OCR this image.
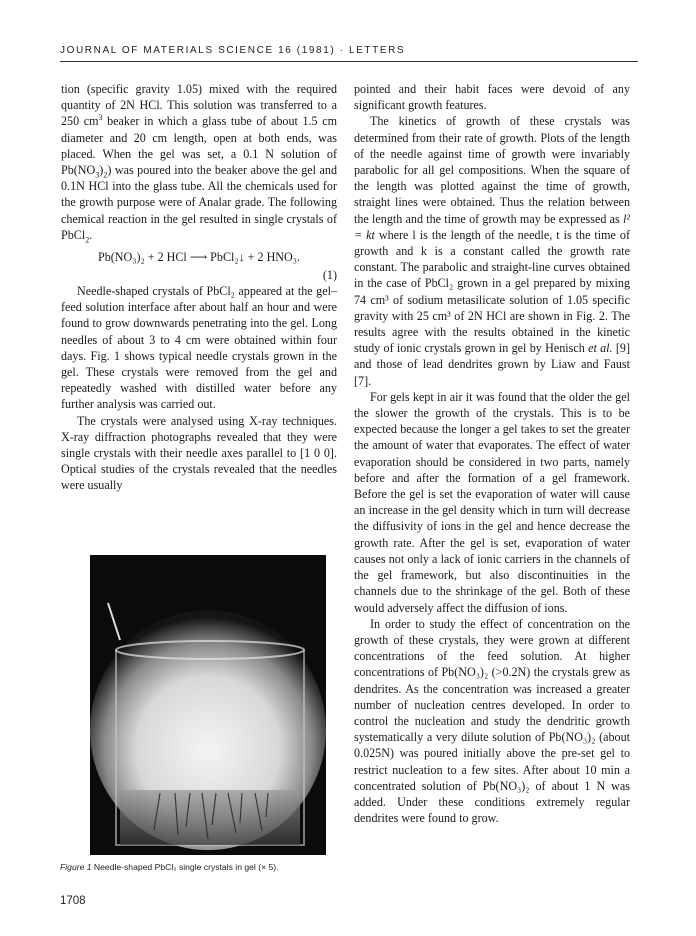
JOURNAL OF MATERIALS SCIENCE 16 (1981) · LETTERS

tion (specific gravity 1.05) mixed with the required quantity of 2N HCl. This solution was transferred to a 250 $cm^3$ beaker in which a glass tube of about 1.5 cm diameter and 20 cm length, open at both ends, was placed. When the gel was set, a 0.1 N solution of $Pb(NO_3)_2$) was poured into the beaker above the gel and 0.1N HCl into the glass tube. All the chemicals used for the growth purpose were of Analar grade. The following chemical reaction in the gel resulted in single crystals of PbCl$_2$.

Pb(NO₃)₂ + 2 HCl ⟶ PbCl₂↓ + 2 HNO₃.
(1)

Needle-shaped crystals of PbCl₂ appeared at the gel–feed solution interface after about half an hour and were found to grow downwards penetrating into the gel. Long needles of about 3 to 4 cm were obtained within four days. Fig. 1 shows typical needle crystals grown in the gel. These crystals were removed from the gel and repeatedly washed with distilled water before any further analysis was carried out.

The crystals were analysed using X-ray techniques. X-ray diffraction photographs revealed that they were single crystals with their needle axes parallel to [1 0 0]. Optical studies of the crystals revealed that the needles were usually

pointed and their habit faces were devoid of any significant growth features.

The kinetics of growth of these crystals was determined from their rate of growth. Plots of the length of the needle against time of growth were invariably parabolic for all gel compositions. When the square of the length was plotted against the time of growth, straight lines were obtained. Thus the relation between the length and the time of growth may be expressed as l² = kt where l is the length of the needle, t is the time of growth and k is a constant called the growth rate constant. The parabolic and straight-line curves obtained in the case of PbCl₂ grown in a gel prepared by mixing 74 cm³ of sodium metasilicate solution of 1.05 specific gravity with 25 cm³ of 2N HCl are shown in Fig. 2. The results agree with the results obtained in the kinetic study of ionic crystals grown in gel by Henisch et al. [9] and those of lead dendrites grown by Liaw and Faust [7].

For gels kept in air it was found that the older the gel the slower the growth of the crystals. This is to be expected because the longer a gel takes to set the greater the amount of water that evaporates. The effect of water evaporation should be considered in two parts, namely before and after the formation of a gel framework. Before the gel is set the evaporation of water will cause an increase in the gel density which in turn will decrease the diffusivity of ions in the gel and hence decrease the growth rate. After the gel is set, evaporation of water causes not only a lack of ionic carriers in the channels of the gel framework, but also discontinuities in the channels due to the shrinkage of the gel. Both of these would adversely affect the diffusion of ions.

In order to study the effect of concentration on the growth of these crystals, they were grown at different concentrations of the feed solution. At higher concentrations of Pb(NO₃)₂ (>0.2N) the crystals grew as dendrites. As the concentration was increased a greater number of nucleation centres developed. In order to control the nucleation and study the dendritic growth systematically a very dilute solution of Pb(NO₃)₂ (about 0.025N) was poured initially above the pre-set gel to restrict nucleation to a few sites. After about 10 min a concentrated solution of Pb(NO₃)₂ of about 1 N was added. Under these conditions extremely regular dendrites were found to grow.

Figure 1 Needle-shaped PbCl₂ single crystals in gel (× 5).
1708
